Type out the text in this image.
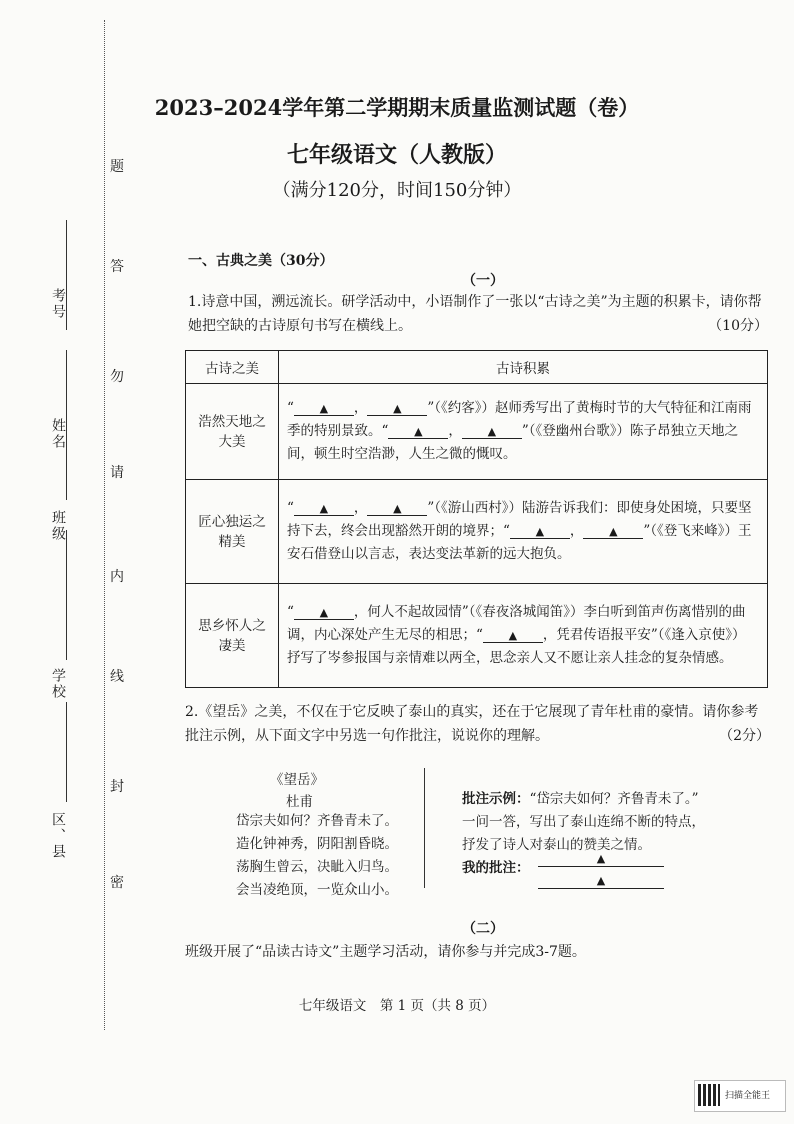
区、县
学校
班级
姓名
考号
题
答
勿
请
内
线
封
密
2023–2024学年第二学期期末质量监测试题（卷）
七年级语文（人教版）
（满分120分，时间150分钟）
一、古典之美（30分）
（一）
1.诗意中国，溯远流长。研学活动中，小语制作了一张以“古诗之美”为主题的积累卡，请你帮她把空缺的古诗原句书写在横线上。	（10分）
古诗之美	古诗积累
浩然天地之大美	“ ▲ ， ▲ ”（《约客》）赵师秀写出了黄梅时节的大气特征和江南雨季的特别景致。“ ▲ ， ▲ ”（《登幽州台歌》）陈子昂独立天地之间，顿生时空浩渺，人生之微的慨叹。
匠心独运之精美	“ ▲ ， ▲ ”（《游山西村》）陆游告诉我们：即使身处困境，只要坚持下去，终会出现豁然开朗的境界；“ ▲ ， ▲ ”（《登飞来峰》）王安石借登山以言志，表达变法革新的远大抱负。
思乡怀人之凄美	“ ▲ ，何人不起故园情”（《春夜洛城闻笛》）李白听到笛声伤离惜别的曲调，内心深处产生无尽的相思；“ ▲ ，凭君传语报平安”（《逢入京使》）抒写了岑参报国与亲情难以两全，思念亲人又不愿让亲人挂念的复杂情感。
2.《望岳》之美，不仅在于它反映了泰山的真实，还在于它展现了青年杜甫的豪情。请你参考批注示例，从下面文字中另选一句作批注，说说你的理解。	（2分）
《望岳》
杜甫
岱宗夫如何？齐鲁青未了。
造化钟神秀，阴阳割昏晓。
荡胸生曾云，决眦入归鸟。
会当凌绝顶，一览众山小。
批注示例：“岱宗夫如何？齐鲁青未了。”
一问一答，写出了泰山连绵不断的特点，
抒发了诗人对泰山的赞美之情。
我的批注：
▲
▲
（二）
班级开展了“品读古诗文”主题学习活动，请你参与并完成3-7题。
七年级语文　第 1 页（共 8 页）
扫描全能王
